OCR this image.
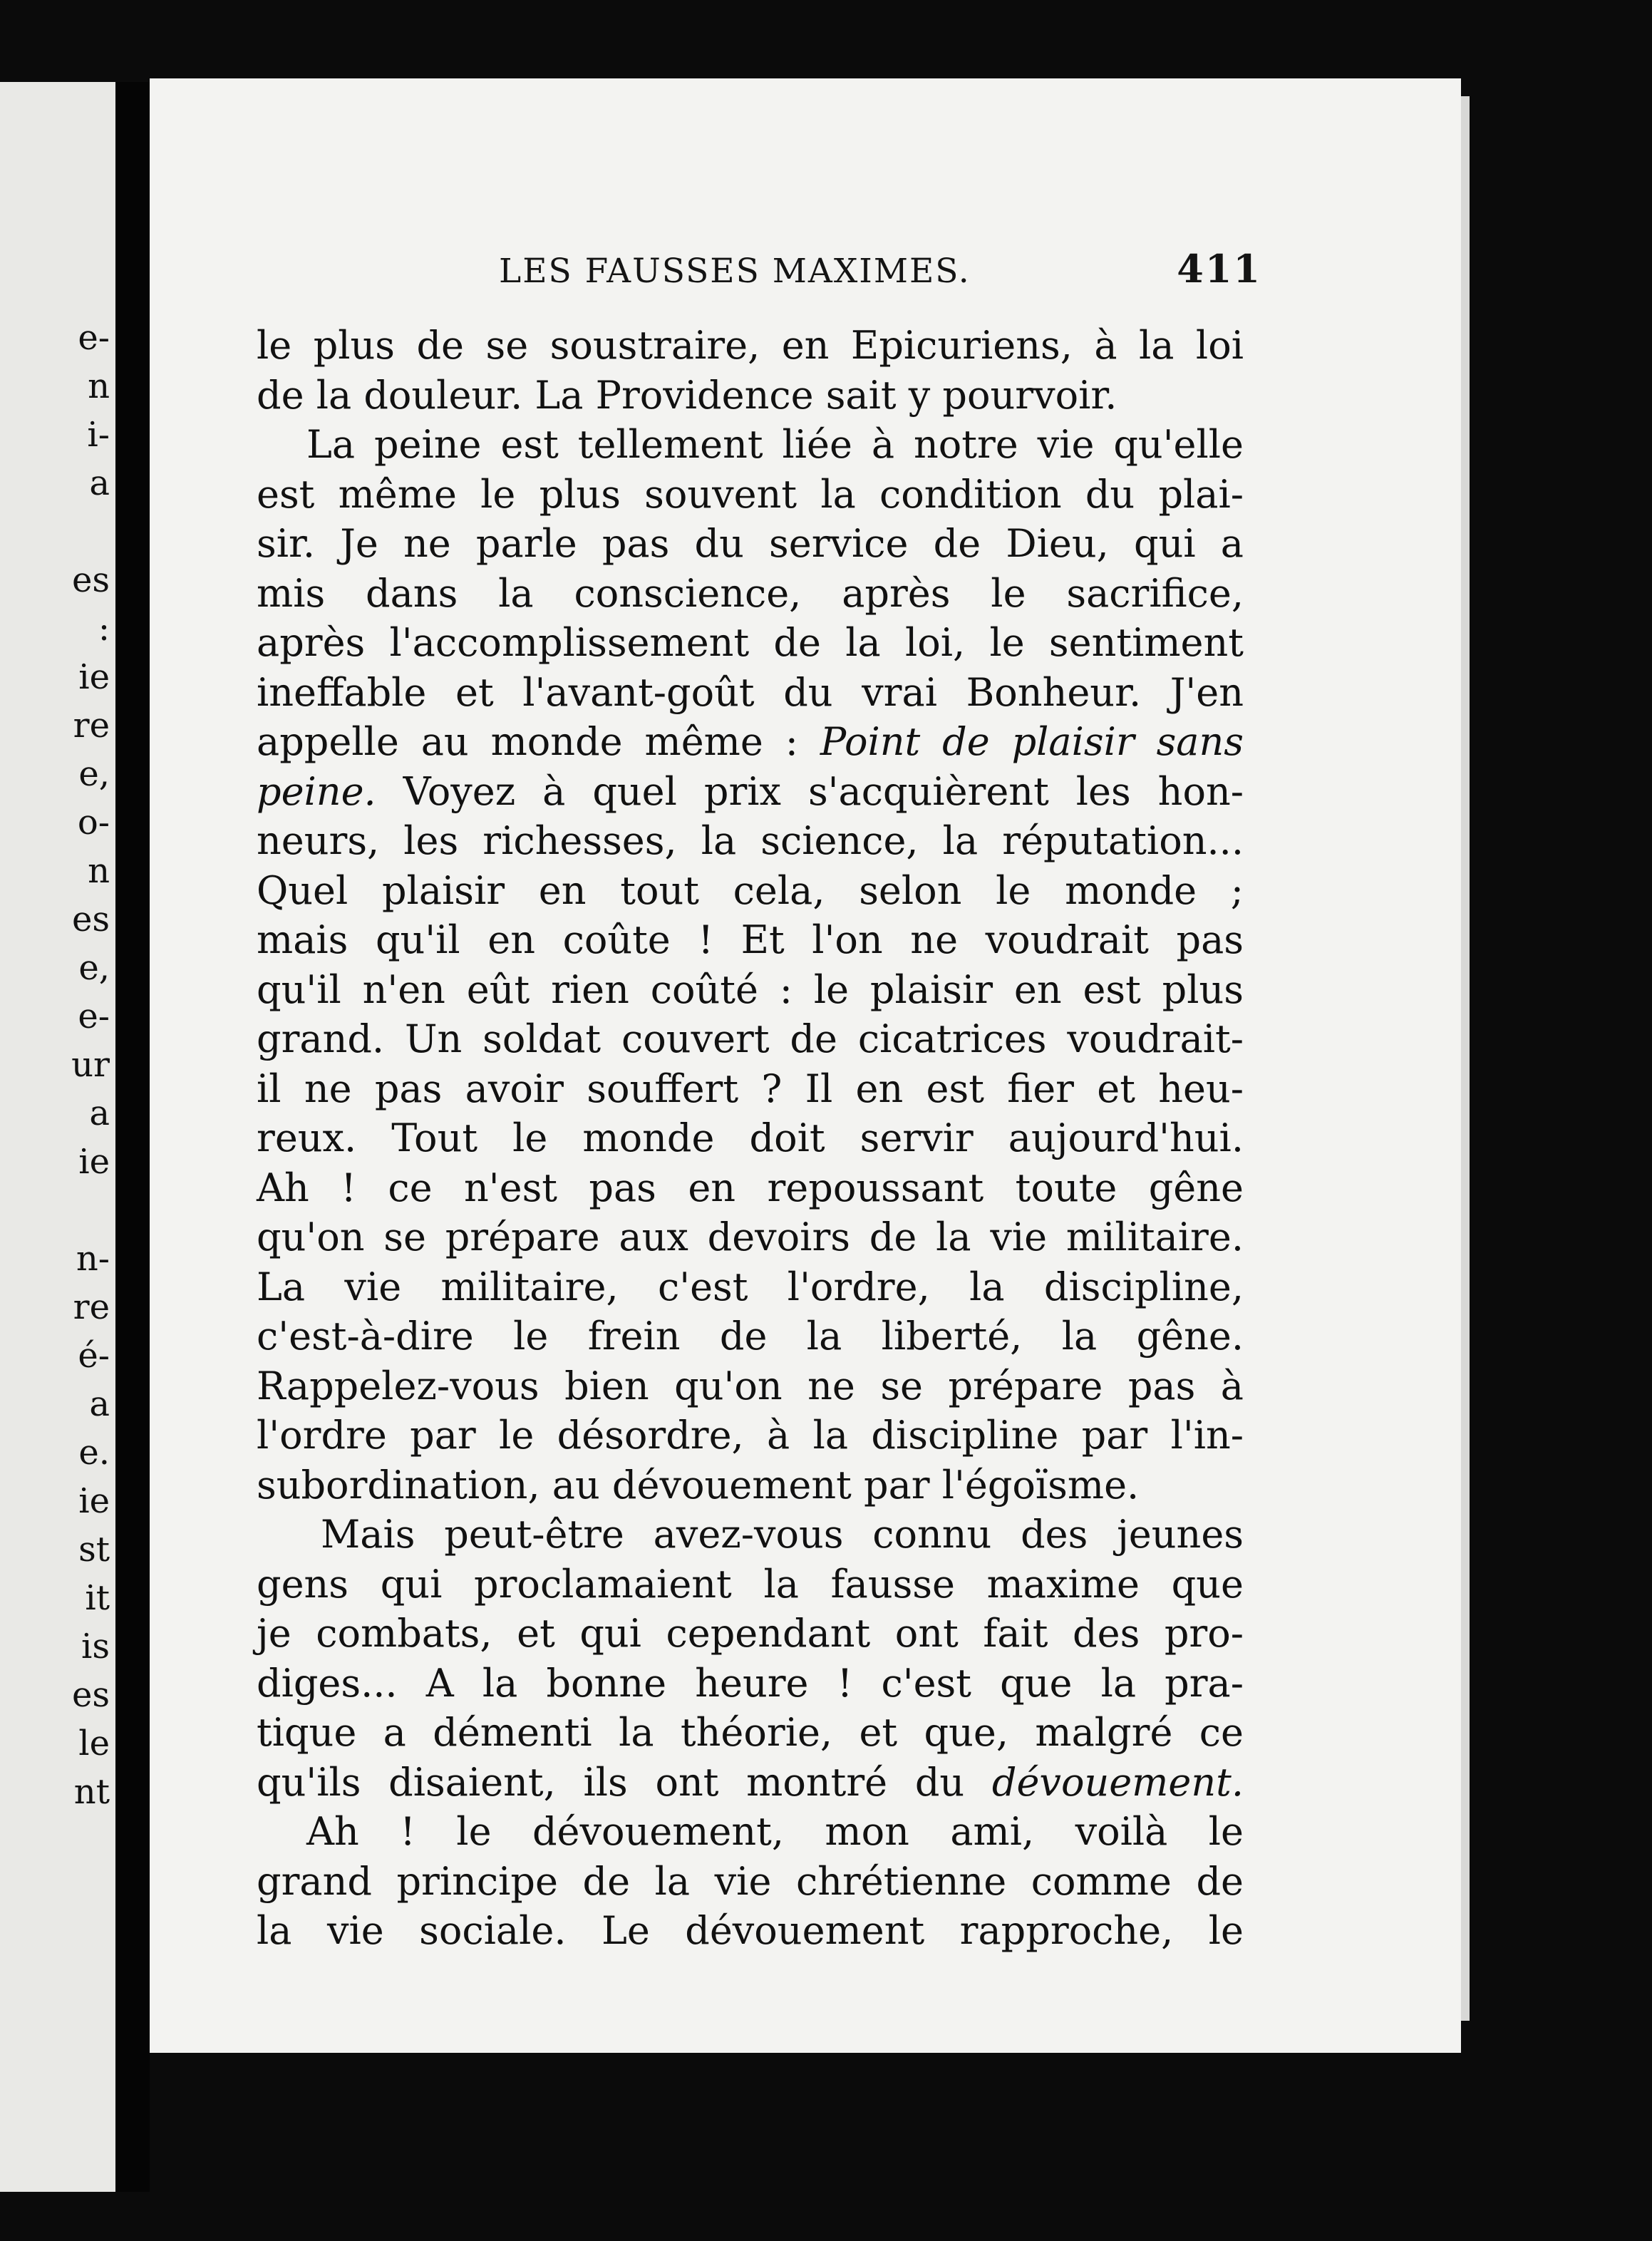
e-
n
i-
a
es
:
ie
re
e,
o-
n
es
e,
e-
ur
a
ie
n-
re
é-
a
e.
ie
st
it
is
es
le
nt
LES FAUSSES MAXIMES.	411
le plus de se soustraire, en Epicuriens, à la loi
de la douleur. La Providence sait y pourvoir.
La peine est tellement liée à notre vie qu'elle
est même le plus souvent la condition du plai-
sir. Je ne parle pas du service de Dieu, qui a
mis dans la conscience, après le sacrifice,
après l'accomplissement de la loi, le sentiment
ineffable et l'avant-goût du vrai Bonheur. J'en
appelle au monde même : Point de plaisir sans
peine. Voyez à quel prix s'acquièrent les hon-
neurs, les richesses, la science, la réputation...
Quel plaisir en tout cela, selon le monde ;
mais qu'il en coûte ! Et l'on ne voudrait pas
qu'il n'en eût rien coûté : le plaisir en est plus
grand. Un soldat couvert de cicatrices voudrait-
il ne pas avoir souffert ? Il en est fier et heu-
reux. Tout le monde doit servir aujourd'hui.
Ah ! ce n'est pas en repoussant toute gêne
qu'on se prépare aux devoirs de la vie militaire.
La vie militaire, c'est l'ordre, la discipline,
c'est-à-dire le frein de la liberté, la gêne.
Rappelez-vous bien qu'on ne se prépare pas à
l'ordre par le désordre, à la discipline par l'in-
subordination, au dévouement par l'égoïsme.
Mais peut-être avez-vous connu des jeunes
gens qui proclamaient la fausse maxime que
je combats, et qui cependant ont fait des pro-
diges... A la bonne heure ! c'est que la pra-
tique a démenti la théorie, et que, malgré ce
qu'ils disaient, ils ont montré du dévouement.
Ah ! le dévouement, mon ami, voilà le
grand principe de la vie chrétienne comme de
la vie sociale. Le dévouement rapproche, le
